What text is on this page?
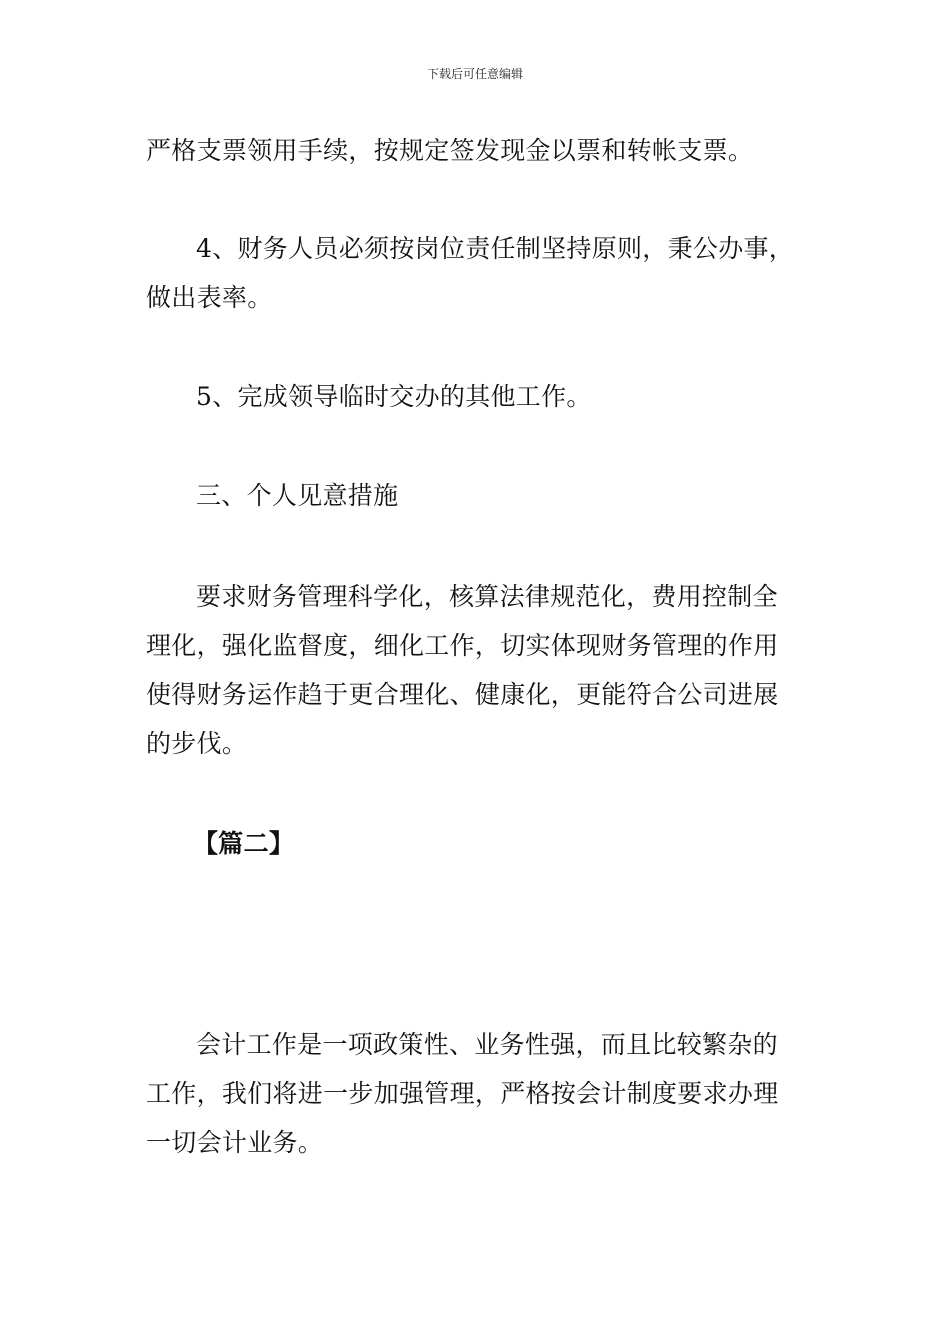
下载后可任意编辑
严格支票领用手续，按规定签发现金以票和转帐支票。
4、财务人员必须按岗位责任制坚持原则，秉公办事，
做出表率。
5、完成领导临时交办的其他工作。
三、个人见意措施
要求财务管理科学化，核算法律规范化，费用控制全
理化，强化监督度，细化工作，切实体现财务管理的作用
使得财务运作趋于更合理化、健康化，更能符合公司进展
的步伐。
【篇二】
会计工作是一项政策性、业务性强，而且比较繁杂的
工作，我们将进一步加强管理，严格按会计制度要求办理
一切会计业务。
